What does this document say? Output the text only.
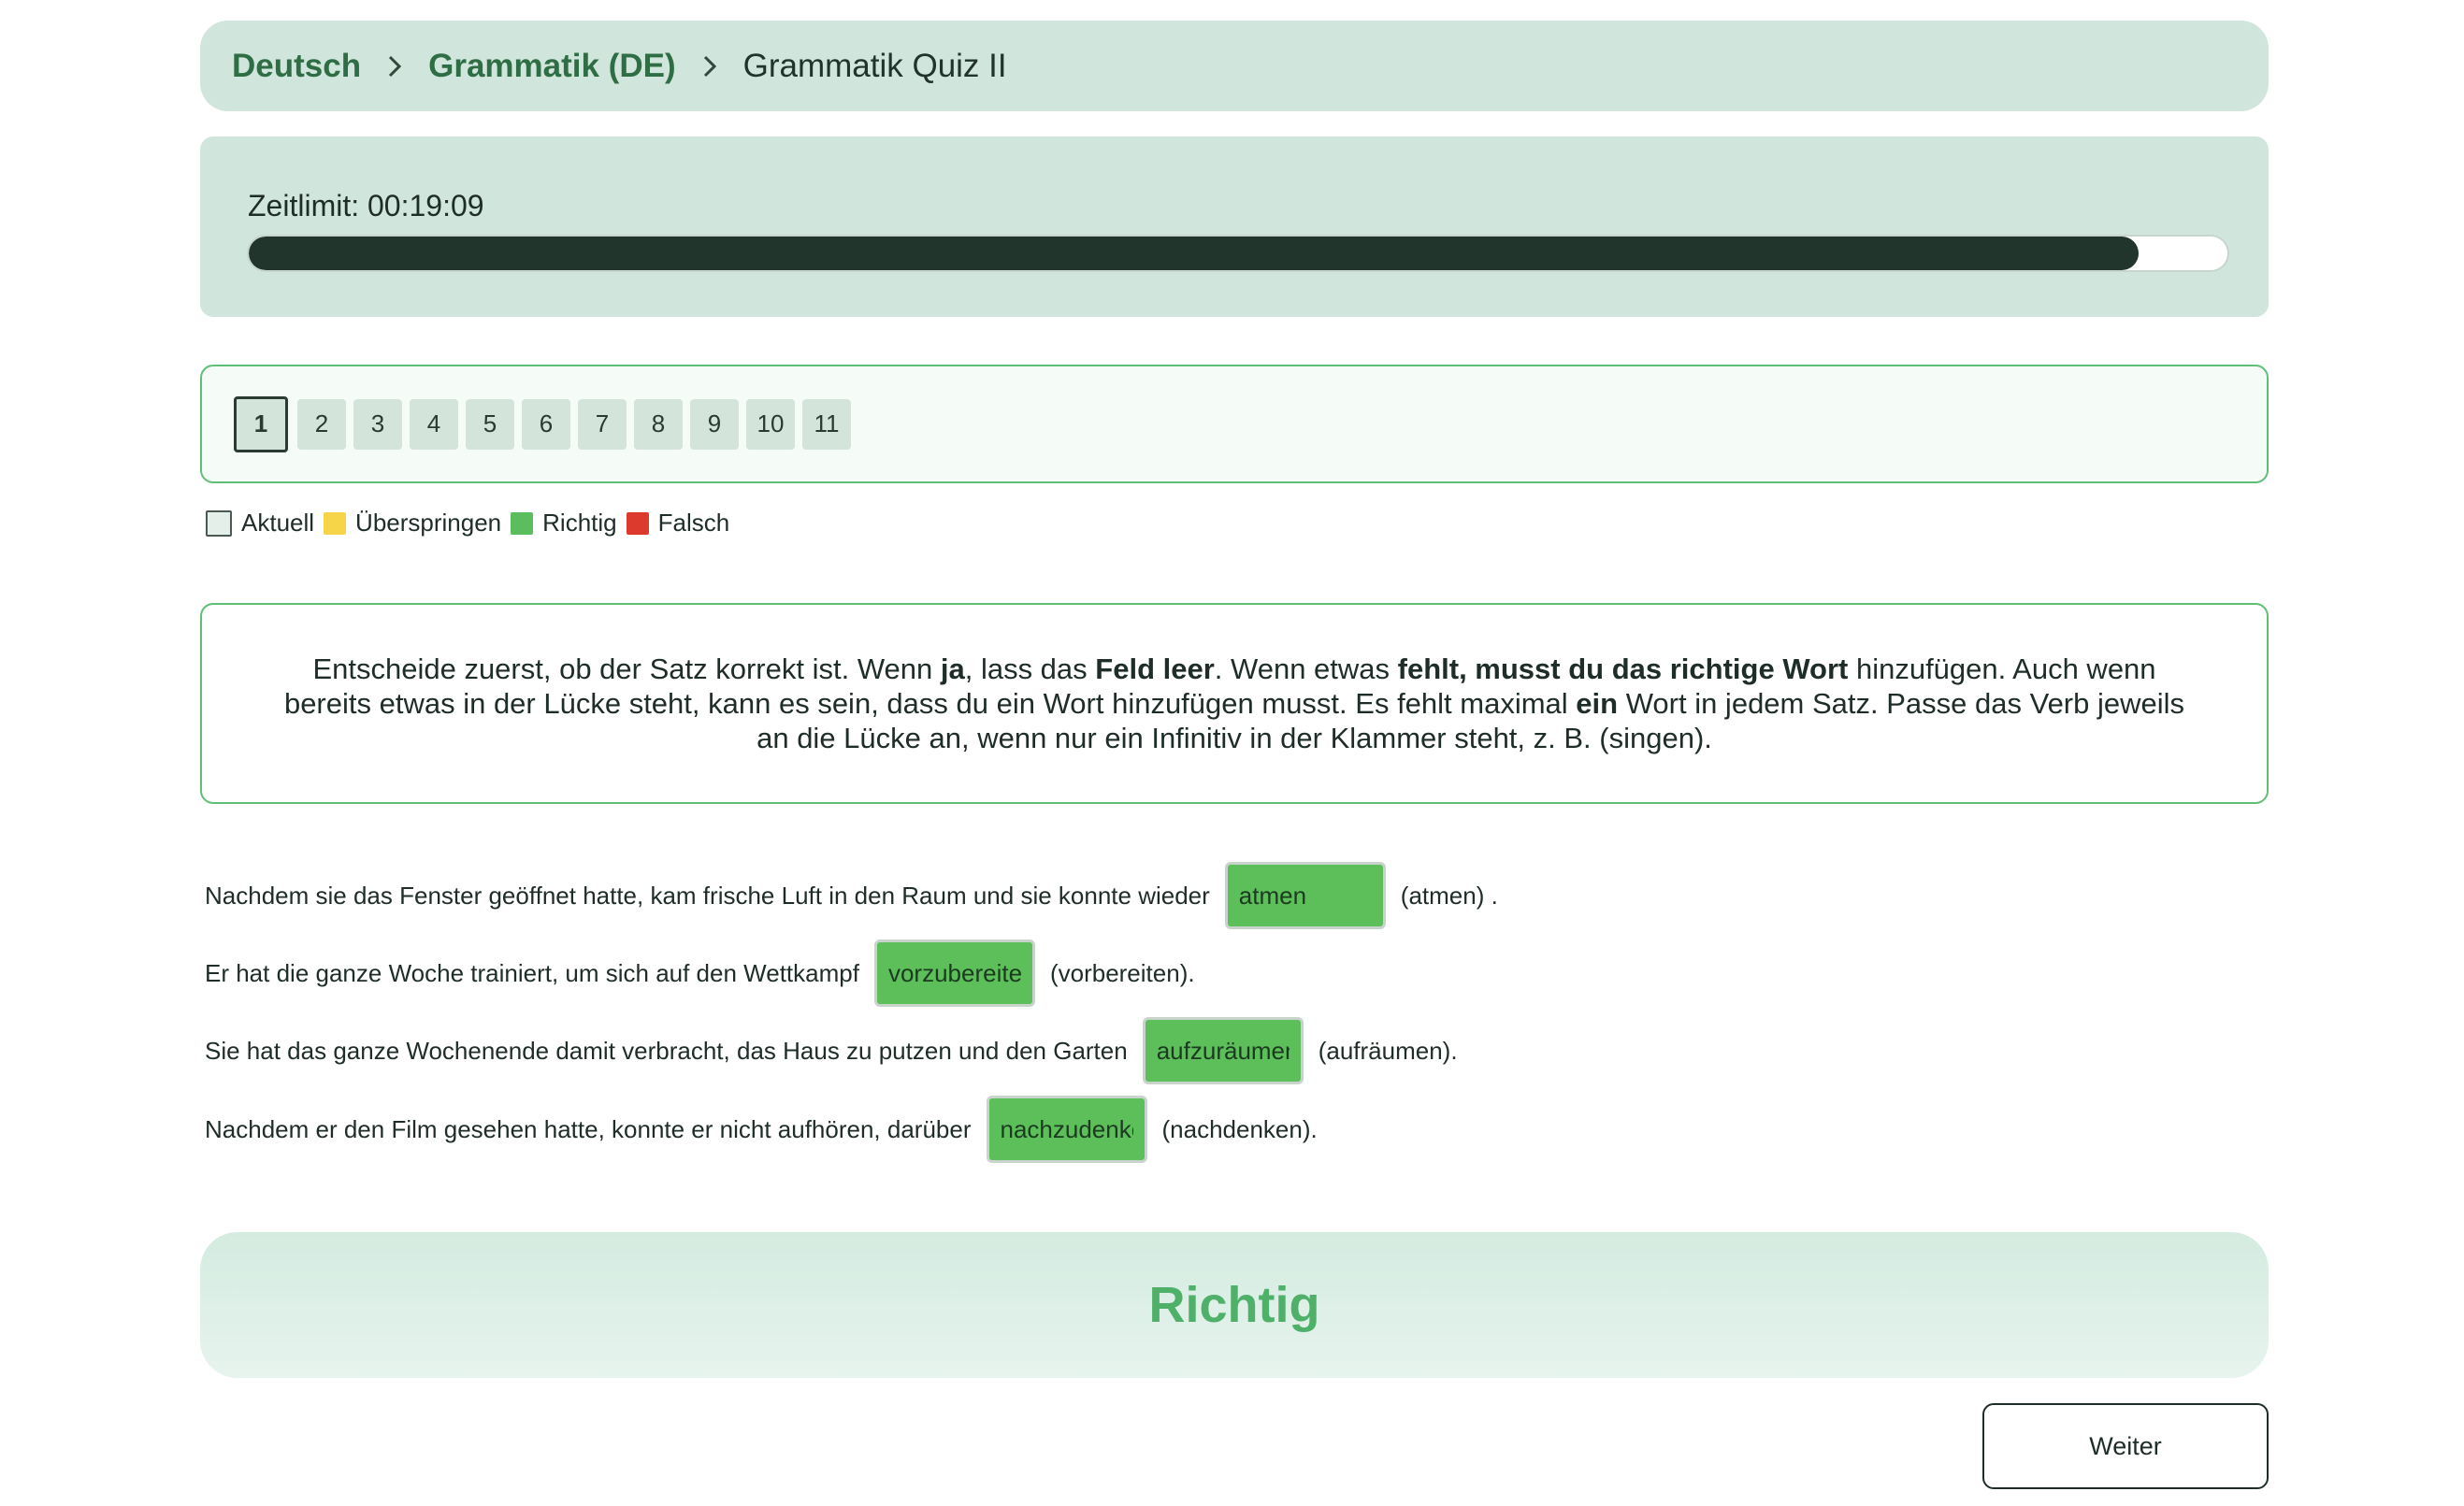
Deutsch Grammatik (DE) Grammatik Quiz II
Zeitlimit: 00:19:09
1	2	3	4	5	6	7	8	9	10	11
Aktuell Überspringen Richtig Falsch

Entscheide zuerst, ob der Satz korrekt ist. Wenn ja, lass das Feld leer. Wenn etwas fehlt, musst du das richtige Wort hinzufügen. Auch wenn bereits etwas in der Lücke steht, kann es sein, dass du ein Wort hinzufügen musst. Es fehlt maximal ein Wort in jedem Satz. Passe das Verb jeweils an die Lücke an, wenn nur ein Infinitiv in der Klammer steht, z. B. (singen).

Nachdem sie das Fenster geöffnet hatte, kam frische Luft in den Raum und sie konnte wieder
atmen	(atmen) .
Er hat die ganze Woche trainiert, um sich auf den Wettkampf
vorzubereiten	(vorbereiten).
Sie hat das ganze Wochenende damit verbracht, das Haus zu putzen und den Garten
aufzuräumen	(aufräumen).
Nachdem er den Film gesehen hatte, konnte er nicht aufhören, darüber
nachzudenken	(nachdenken).
Richtig
Weiter
